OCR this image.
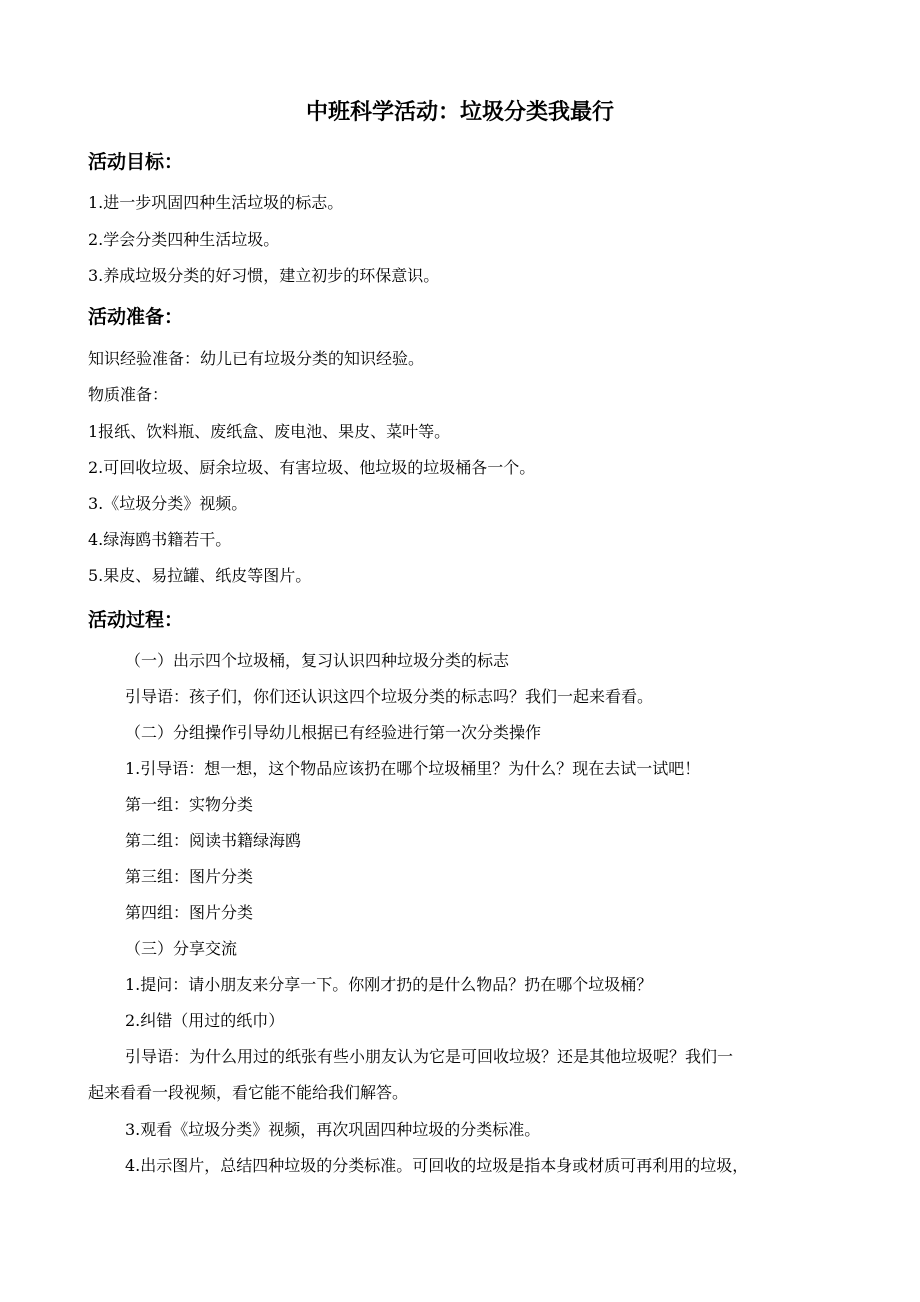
中班科学活动：垃圾分类我最行
活动目标：
1.进一步巩固四种生活垃圾的标志。
2.学会分类四种生活垃圾。
3.养成垃圾分类的好习惯，建立初步的环保意识。
活动准备：
知识经验准备：幼儿已有垃圾分类的知识经验。
物质准备：
1报纸、饮料瓶、废纸盒、废电池、果皮、菜叶等。
2.可回收垃圾、厨余垃圾、有害垃圾、他垃圾的垃圾桶各一个。
3.《垃圾分类》视频。
4.绿海鸥书籍若干。
5.果皮、易拉罐、纸皮等图片。
活动过程：
（一）出示四个垃圾桶，复习认识四种垃圾分类的标志
引导语：孩子们，你们还认识这四个垃圾分类的标志吗？我们一起来看看。
（二）分组操作引导幼儿根据已有经验进行第一次分类操作
1.引导语：想一想，这个物品应该扔在哪个垃圾桶里？为什么？现在去试一试吧！
第一组：实物分类
第二组：阅读书籍绿海鸥
第三组：图片分类
第四组：图片分类
（三）分享交流
1.提问：请小朋友来分享一下。你刚才扔的是什么物品？扔在哪个垃圾桶？
2.纠错（用过的纸巾）
引导语：为什么用过的纸张有些小朋友认为它是可回收垃圾？还是其他垃圾呢？我们一
起来看看一段视频，看它能不能给我们解答。
3.观看《垃圾分类》视频，再次巩固四种垃圾的分类标准。
4.出示图片，总结四种垃圾的分类标准。可回收的垃圾是指本身或材质可再利用的垃圾，
